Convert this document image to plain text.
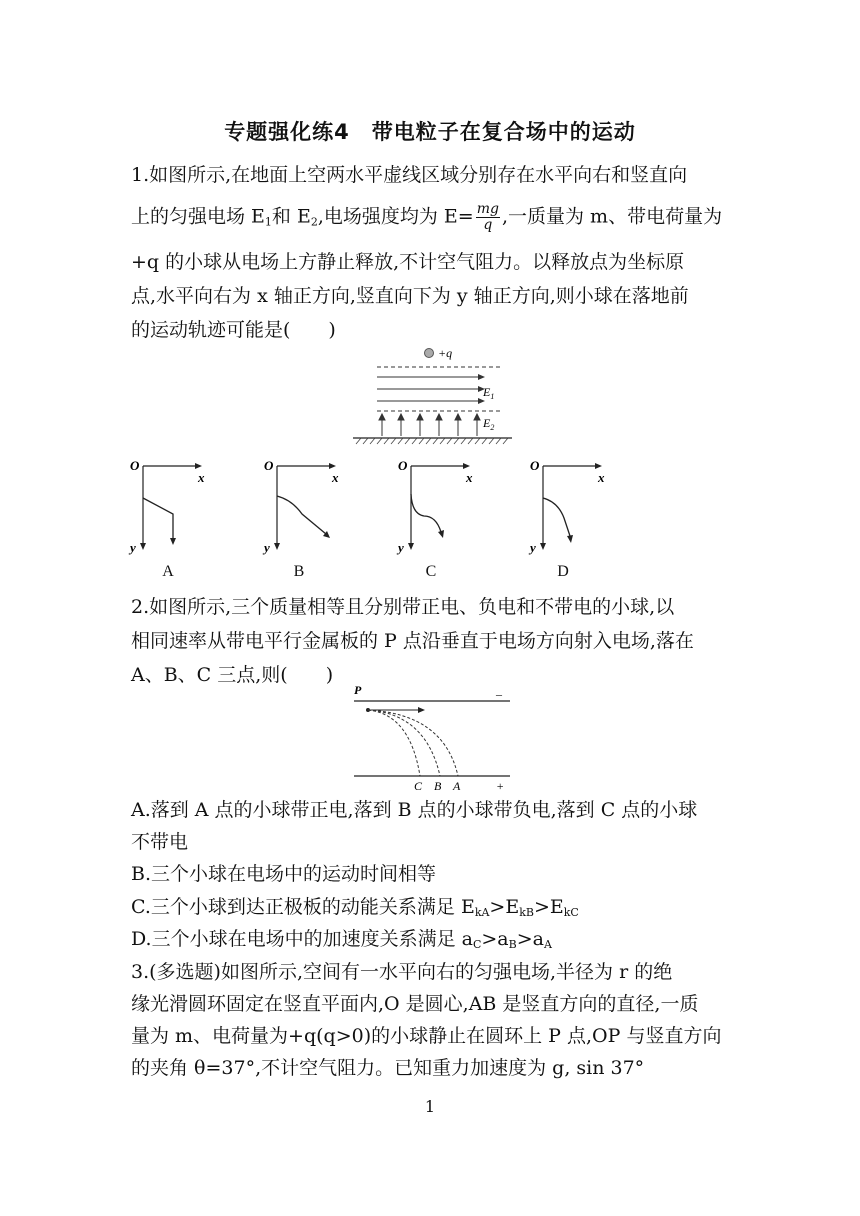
专题强化练4　带电粒子在复合场中的运动
1.如图所示,在地面上空两水平虚线区域分别存在水平向右和竖直向
上的匀强电场 $E_1$和 $E_2$,电场强度均为 $E= \frac{mg}{q}$ ,一质量为 m、带电荷量为
+q 的小球从电场上方静止释放,不计空气阻力。以释放点为坐标原
点,水平向右为 x 轴正方向,竖直向下为 y 轴正方向,则小球在落地前
的运动轨迹可能是(　　)
+q
$E_1$
$E_2$
O
x
y
A
O
x
y
B
O
x
y
C
O
x
y
D
2.如图所示,三个质量相等且分别带正电、负电和不带电的小球,以
相同速率从带电平行金属板的 P 点沿垂直于电场方向射入电场,落在
A、B、C 三点,则(　　)
P	–
C B A	+
A.落到 A 点的小球带正电,落到 B 点的小球带负电,落到 C 点的小球
不带电
B.三个小球在电场中的运动时间相等
C.三个小球到达正极板的动能关系满足 $E_{kA}>E_{kB}>E_{kC}$
D.三个小球在电场中的加速度关系满足 $a_C>a_B>a_A$
3.(多选题)如图所示,空间有一水平向右的匀强电场,半径为 r 的绝
缘光滑圆环固定在竖直平面内,O 是圆心,AB 是竖直方向的直径,一质
量为 m、电荷量为+q(q>0)的小球静止在圆环上 P 点,OP 与竖直方向
的夹角 θ=37°,不计空气阻力。已知重力加速度为 g, sin 37°
1
